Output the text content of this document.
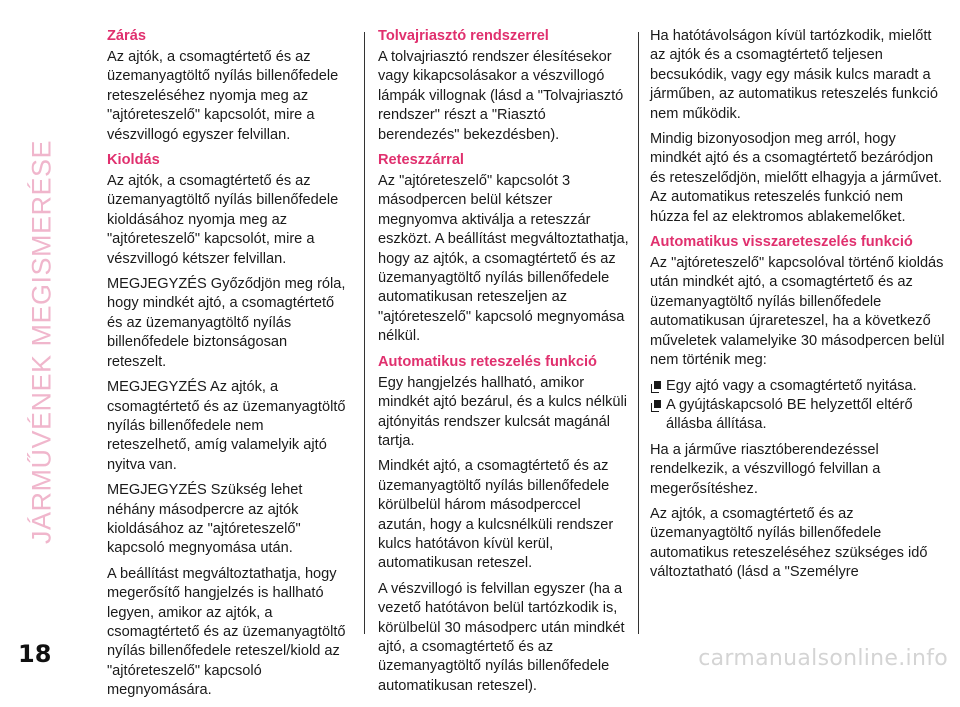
JÁRMŰVÉNEK MEGISMERÉSE
Zárás

Az ajtók, a csomagtértető és az üzemanyagtöltő nyílás billenőfedele reteszeléséhez nyomja meg az "ajtóreteszelő" kapcsolót, mire a vészvillogó egyszer felvillan.

Kioldás

Az ajtók, a csomagtértető és az üzemanyagtöltő nyílás billenőfedele kioldásához nyomja meg az "ajtóreteszelő" kapcsolót, mire a vészvillogó kétszer felvillan.

MEGJEGYZÉS Győződjön meg róla, hogy mindkét ajtó, a csomagtértető és az üzemanyagtöltő nyílás billenőfedele biztonságosan reteszelt.

MEGJEGYZÉS Az ajtók, a csomagtértető és az üzemanyagtöltő nyílás billenőfedele nem reteszelhető, amíg valamelyik ajtó nyitva van.

MEGJEGYZÉS Szükség lehet néhány másodpercre az ajtók kioldásához az "ajtóreteszelő" kapcsoló megnyomása után.

A beállítást megváltoztathatja, hogy megerősítő hangjelzés is hallható legyen, amikor az ajtók, a csomagtértető és az üzemanyagtöltő nyílás billenőfedele reteszel/kiold az "ajtóreteszelő" kapcsoló megnyomására.

Tolvajriasztó rendszerrel

A tolvajriasztó rendszer élesítésekor vagy kikapcsolásakor a vészvillogó lámpák villognak (lásd a "Tolvajriasztó rendszer" részt a "Riasztó berendezés" bekezdésben).

Reteszzárral

Az "ajtóreteszelő" kapcsolót 3 másodpercen belül kétszer megnyomva aktiválja a reteszzár eszközt. A beállítást megváltoztathatja, hogy az ajtók, a csomagtértető és az üzemanyagtöltő nyílás billenőfedele automatikusan reteszeljen az "ajtóreteszelő" kapcsoló megnyomása nélkül.

Automatikus reteszelés funkció

Egy hangjelzés hallható, amikor mindkét ajtó bezárul, és a kulcs nélküli ajtónyitás rendszer kulcsát magánál tartja.

Mindkét ajtó, a csomagtértető és az üzemanyagtöltő nyílás billenőfedele körülbelül három másodperccel azután, hogy a kulcsnélküli rendszer kulcs hatótávon kívül kerül, automatikusan reteszel.

A vészvillogó is felvillan egyszer (ha a vezető hatótávon belül tartózkodik is, körülbelül 30 másodperc után mindkét ajtó, a csomagtértető és az üzemanyagtöltő nyílás billenőfedele automatikusan reteszel).

Ha hatótávolságon kívül tartózkodik, mielőtt az ajtók és a csomagtértető teljesen becsukódik, vagy egy másik kulcs maradt a járműben, az automatikus reteszelés funkció nem működik.

Mindig bizonyosodjon meg arról, hogy mindkét ajtó és a csomagtértető bezáródjon és reteszelődjön, mielőtt elhagyja a járművet. Az automatikus reteszelés funkció nem húzza fel az elektromos ablakemelőket.

Automatikus visszareteszelés funkció

Az "ajtóreteszelő" kapcsolóval történő kioldás után mindkét ajtó, a csomagtértető és az üzemanyagtöltő nyílás billenőfedele automatikusan újrareteszel, ha a következő műveletek valamelyike 30 másodpercen belül nem történik meg:

Egy ajtó vagy a csomagtértető nyitása.
A gyújtáskapcsoló BE helyzettől eltérő állásba állítása.

Ha a járműve riasztóberendezéssel rendelkezik, a vészvillogó felvillan a megerősítéshez.

Az ajtók, a csomagtértető és az üzemanyagtöltő nyílás billenőfedele automatikus reteszeléséhez szükséges idő változtatható (lásd a "Személyre

18	carmanualsonline.info
